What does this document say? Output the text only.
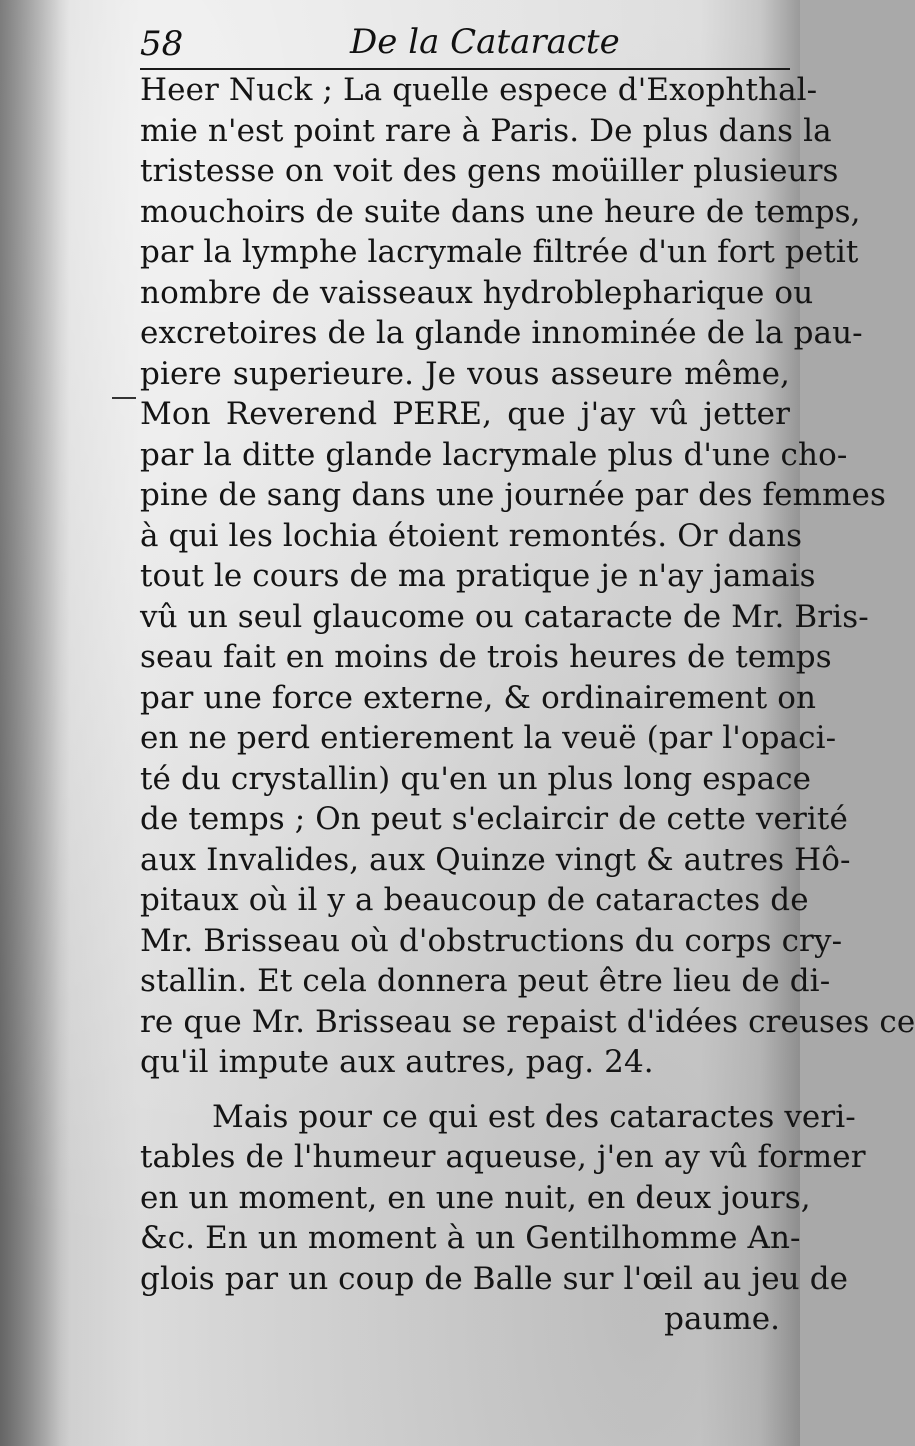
58	De la Cataracte
Heer Nuck ; La quelle espece d'Exophthal-
mie n'est point rare à Paris. De plus dans la
tristesse on voit des gens moüiller plusieurs
mouchoirs de suite dans une heure de temps,
par la lymphe lacrymale filtrée d'un fort petit
nombre de vaisseaux hydroblepharique ou
excretoires de la glande innominée de la pau-
piere superieure. Je vous asseure même,
Mon Reverend PERE, que j'ay vû jetter
par la ditte glande lacrymale plus d'une cho-
pine de sang dans une journée par des femmes
à qui les lochia étoient remontés. Or dans
tout le cours de ma pratique je n'ay jamais
vû un seul glaucome ou cataracte de Mr. Bris-
seau fait en moins de trois heures de temps
par une force externe, & ordinairement on
en ne perd entierement la veuë (par l'opaci-
té du crystallin) qu'en un plus long espace
de temps ; On peut s'eclaircir de cette verité
aux Invalides, aux Quinze vingt & autres Hô-
pitaux où il y a beaucoup de cataractes de
Mr. Brisseau où d'obstructions du corps cry-
stallin. Et cela donnera peut être lieu de di-
re que Mr. Brisseau se repaist d'idées creuses ce
qu'il impute aux autres, pag. 24.
Mais pour ce qui est des cataractes veri-
tables de l'humeur aqueuse, j'en ay vû former
en un moment, en une nuit, en deux jours,
&c. En un moment à un Gentilhomme An-
glois par un coup de Balle sur l'œil au jeu de
paume.
